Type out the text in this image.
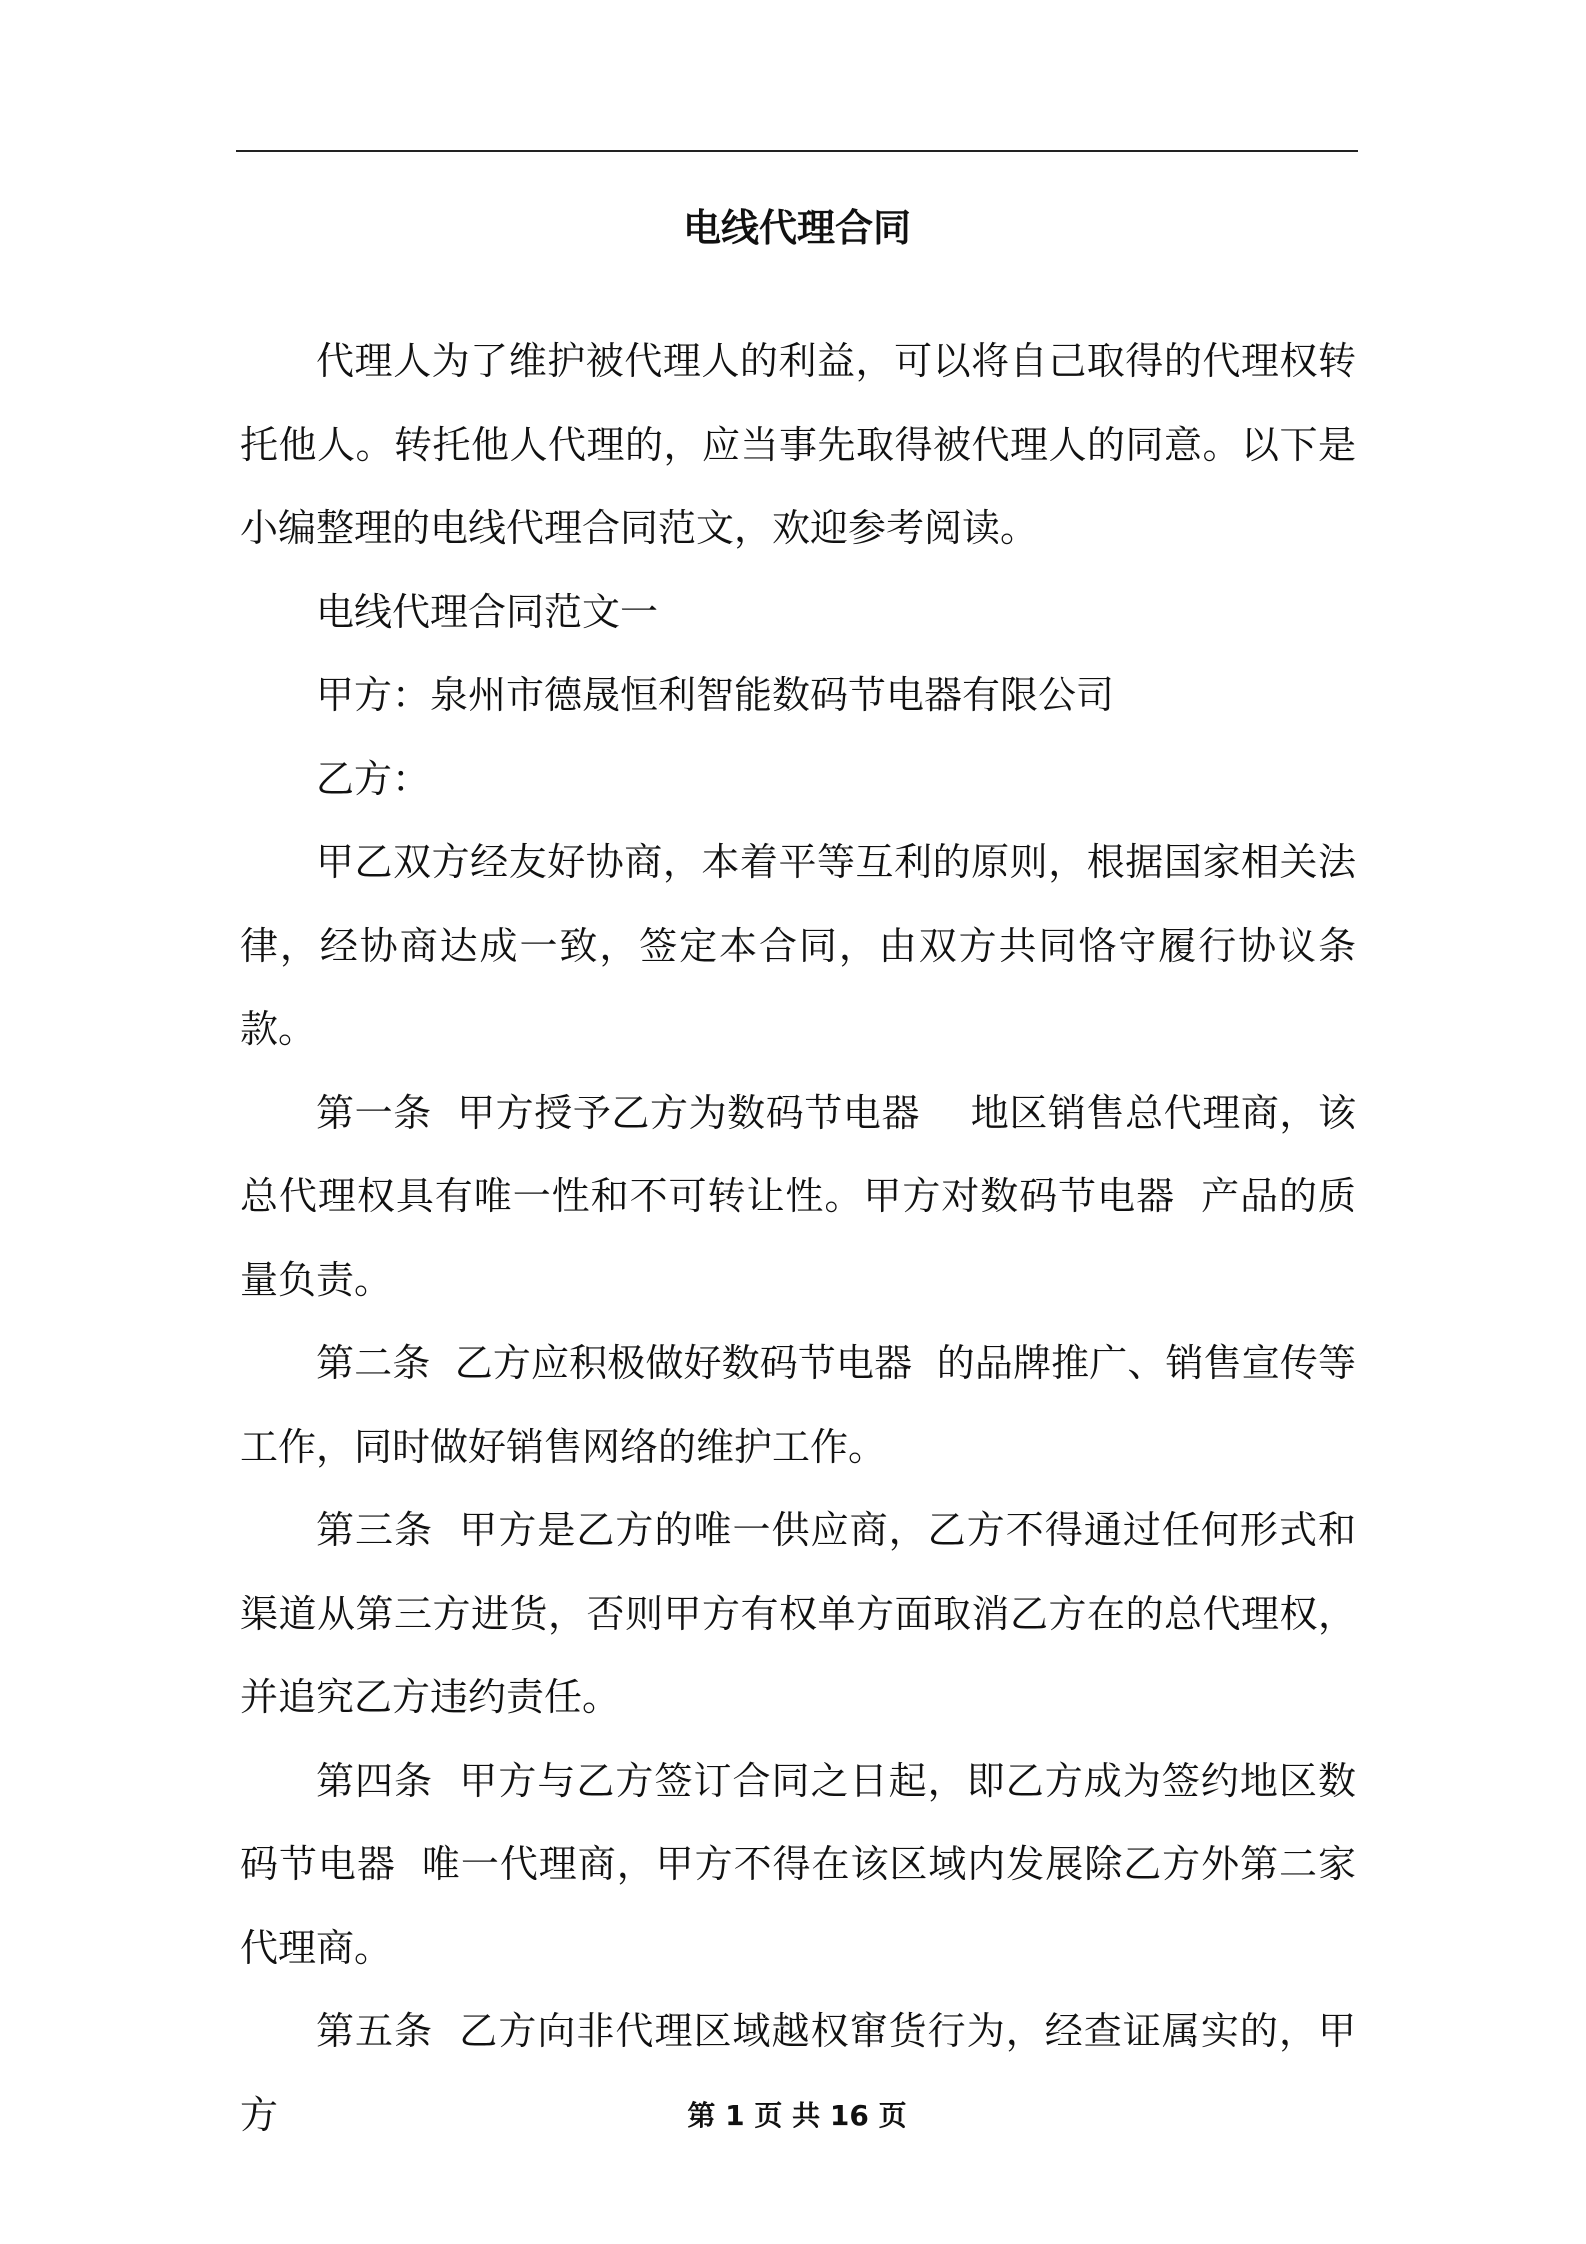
电线代理合同

代理人为了维护被代理人的利益，可以将自己取得的代理权转托他人。转托他人代理的，应当事先取得被代理人的同意。以下是小编整理的电线代理合同范文，欢迎参考阅读。

电线代理合同范文一

甲方：泉州市德晟恒利智能数码节电器有限公司

乙方：

甲乙双方经友好协商，本着平等互利的原则，根据国家相关法律，经协商达成一致，签定本合同，由双方共同恪守履行协议条款。

第一条  甲方授予乙方为数码节电器    地区销售总代理商，该总代理权具有唯一性和不可转让性。甲方对数码节电器  产品的质量负责。

第二条  乙方应积极做好数码节电器  的品牌推广、销售宣传等工作，同时做好销售网络的维护工作。

第三条  甲方是乙方的唯一供应商，乙方不得通过任何形式和渠道从第三方进货，否则甲方有权单方面取消乙方在的总代理权，并追究乙方违约责任。

第四条  甲方与乙方签订合同之日起，即乙方成为签约地区数码节电器  唯一代理商，甲方不得在该区域内发展除乙方外第二家代理商。

第五条  乙方向非代理区域越权窜货行为，经查证属实的，甲方	第 1 页 共 16 页
